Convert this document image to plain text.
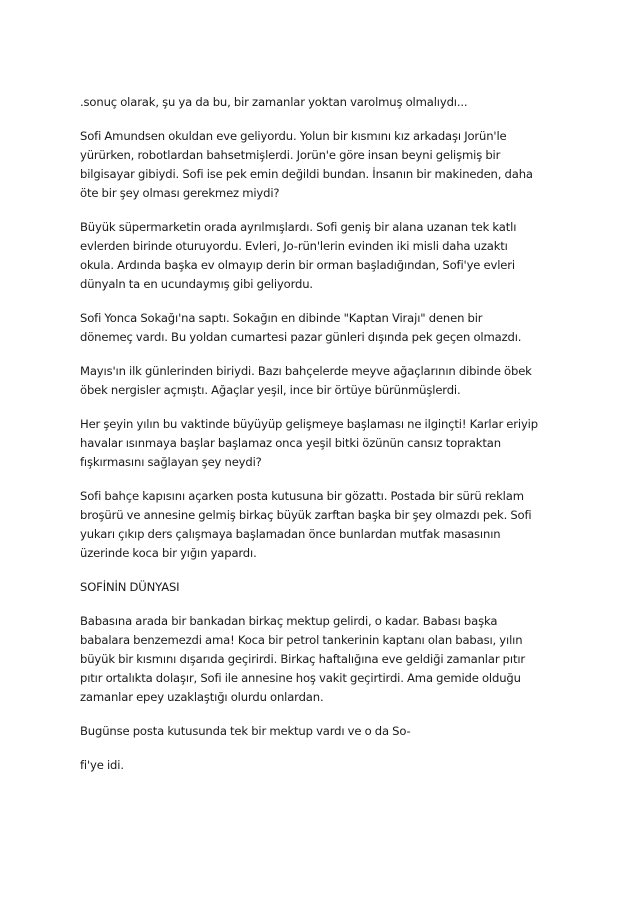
.sonuç olarak, şu ya da bu, bir zamanlar yoktan varolmuş olmalıydı...

Sofi Amundsen okuldan eve geliyordu. Yolun bir kısmını kız arkadaşı Jorün'le
yürürken, robotlardan bahsetmişlerdi. Jorün'e göre insan beyni gelişmiş bir
bilgisayar gibiydi. Sofi ise pek emin değildi bundan. İnsanın bir makineden, daha
öte bir şey olması gerekmez miydi?

Büyük süpermarketin orada ayrılmışlardı. Sofi geniş bir alana uzanan tek katlı
evlerden birinde oturuyordu. Evleri, Jo-rün'lerin evinden iki misli daha uzaktı
okula. Ardında başka ev olmayıp derin bir orman başladığından, Sofi'ye evleri
dünyaln ta en ucundaymış gibi geliyordu.

Sofi Yonca Sokağı'na saptı. Sokağın en dibinde "Kaptan Virajı" denen bir
dönemeç vardı. Bu yoldan cumartesi pazar günleri dışında pek geçen olmazdı.

Mayıs'ın ilk günlerinden biriydi. Bazı bahçelerde meyve ağaçlarının dibinde öbek
öbek nergisler açmıştı. Ağaçlar yeşil, ince bir örtüye bürünmüşlerdi.

Her şeyin yılın bu vaktinde büyüyüp gelişmeye başlaması ne ilginçti! Karlar eriyip
havalar ısınmaya başlar başlamaz onca yeşil bitki özünün cansız topraktan
fışkırmasını sağlayan şey neydi?

Sofi bahçe kapısını açarken posta kutusuna bir gözattı. Postada bir sürü reklam
broşürü ve annesine gelmiş birkaç büyük zarftan başka bir şey olmazdı pek. Sofi
yukarı çıkıp ders çalışmaya başlamadan önce bunlardan mutfak masasının
üzerinde koca bir yığın yapardı.

SOFİNİN DÜNYASI

Babasına arada bir bankadan birkaç mektup gelirdi, o kadar. Babası başka
babalara benzemezdi ama! Koca bir petrol tankerinin kaptanı olan babası, yılın
büyük bir kısmını dışarıda geçirirdi. Birkaç haftalığına eve geldiği zamanlar pıtır
pıtır ortalıkta dolaşır, Sofi ile annesine hoş vakit geçirtirdi. Ama gemide olduğu
zamanlar epey uzaklaştığı olurdu onlardan.

Bugünse posta kutusunda tek bir mektup vardı ve o da So-

fi'ye idi.
